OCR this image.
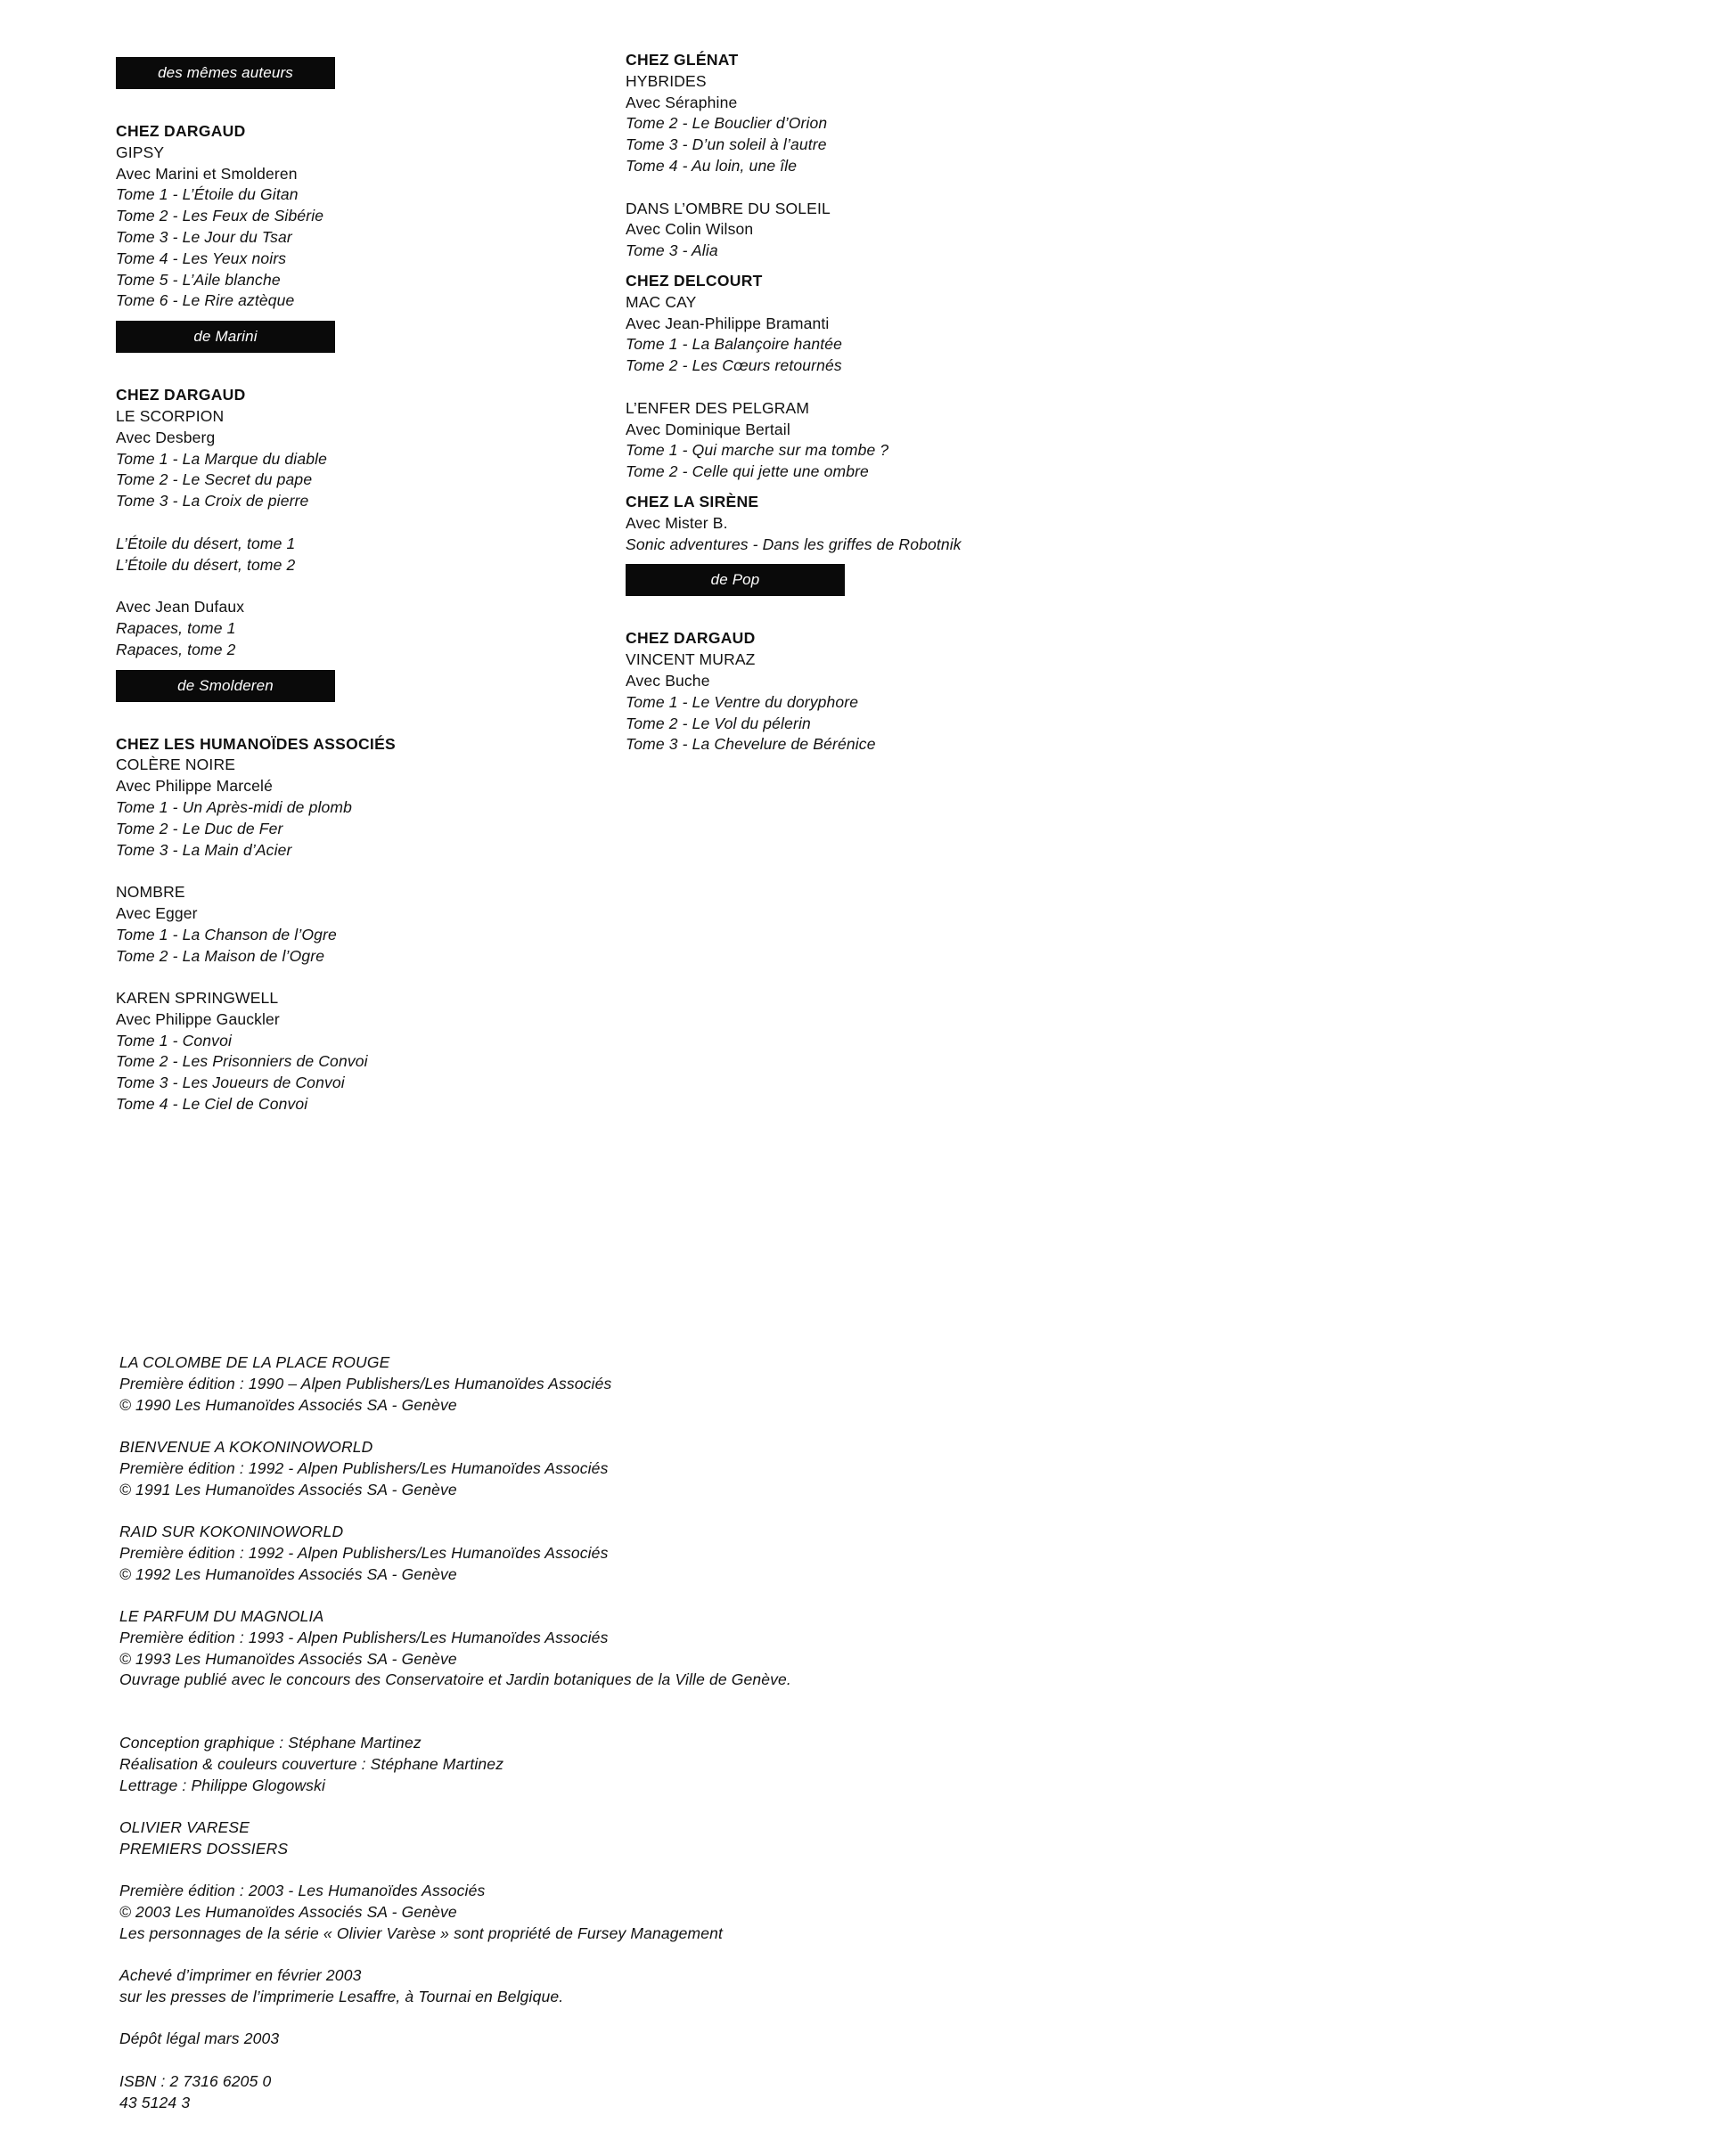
des mêmes auteurs
CHEZ DARGAUD
GIPSY
Avec Marini et Smolderen
Tome 1 - L’Étoile du Gitan
Tome 2 - Les Feux de Sibérie
Tome 3 - Le Jour du Tsar
Tome 4 - Les Yeux noirs
Tome 5 - L’Aile blanche
Tome 6 - Le Rire aztèque
de Marini
CHEZ DARGAUD
LE SCORPION
Avec Desberg
Tome 1 - La Marque du diable
Tome 2 - Le Secret du pape
Tome 3 - La Croix de pierre
L’Étoile du désert, tome 1
L’Étoile du désert, tome 2
Avec Jean Dufaux
Rapaces, tome 1
Rapaces, tome 2
de Smolderen
CHEZ LES HUMANOÏDES ASSOCIÉS
COLÈRE NOIRE
Avec Philippe Marcelé
Tome 1 - Un Après-midi de plomb
Tome 2 - Le Duc de Fer
Tome 3 - La Main d’Acier
NOMBRE
Avec Egger
Tome 1 - La Chanson de l’Ogre
Tome 2 - La Maison de l’Ogre
KAREN SPRINGWELL
Avec Philippe Gauckler
Tome 1 - Convoi
Tome 2 - Les Prisonniers de Convoi
Tome 3 - Les Joueurs de Convoi
Tome 4 - Le Ciel de Convoi
CHEZ GLÉNAT
HYBRIDES
Avec Séraphine
Tome 2 - Le Bouclier d’Orion
Tome 3 - D’un soleil à l’autre
Tome 4 - Au loin, une île
DANS L’OMBRE DU SOLEIL
Avec Colin Wilson
Tome 3 - Alia
CHEZ DELCOURT
MAC CAY
Avec Jean-Philippe Bramanti
Tome 1 - La Balançoire hantée
Tome 2 - Les Cœurs retournés
L’ENFER DES PELGRAM
Avec Dominique Bertail
Tome 1 - Qui marche sur ma tombe ?
Tome 2 - Celle qui jette une ombre
CHEZ LA SIRÈNE
Avec Mister B.
Sonic adventures - Dans les griffes de Robotnik
de Pop
CHEZ DARGAUD
VINCENT MURAZ
Avec Buche
Tome 1 - Le Ventre du doryphore
Tome 2 - Le Vol du pélerin
Tome 3 - La Chevelure de Bérénice
LA COLOMBE DE LA PLACE ROUGE
Première édition : 1990 – Alpen Publishers/Les Humanoïdes Associés
© 1990 Les Humanoïdes Associés SA - Genève
BIENVENUE A KOKONINOWORLD
Première édition : 1992 - Alpen Publishers/Les Humanoïdes Associés
© 1991 Les Humanoïdes Associés SA - Genève
RAID SUR KOKONINOWORLD
Première édition : 1992 - Alpen Publishers/Les Humanoïdes Associés
© 1992 Les Humanoïdes Associés SA - Genève
LE PARFUM DU MAGNOLIA
Première édition : 1993 - Alpen Publishers/Les Humanoïdes Associés
© 1993 Les Humanoïdes Associés SA - Genève
Ouvrage publié avec le concours des Conservatoire et Jardin botaniques de la Ville de Genève.
Conception graphique : Stéphane Martinez
Réalisation & couleurs couverture : Stéphane Martinez
Lettrage : Philippe Glogowski
OLIVIER VARESE
PREMIERS DOSSIERS
Première édition : 2003 - Les Humanoïdes Associés
© 2003 Les Humanoïdes Associés SA - Genève
Les personnages de la série « Olivier Varèse » sont propriété de Fursey Management
Achevé d’imprimer en février 2003
sur les presses de l’imprimerie Lesaffre, à Tournai en Belgique.
Dépôt légal mars 2003
ISBN : 2 7316 6205 0
43 5124 3
